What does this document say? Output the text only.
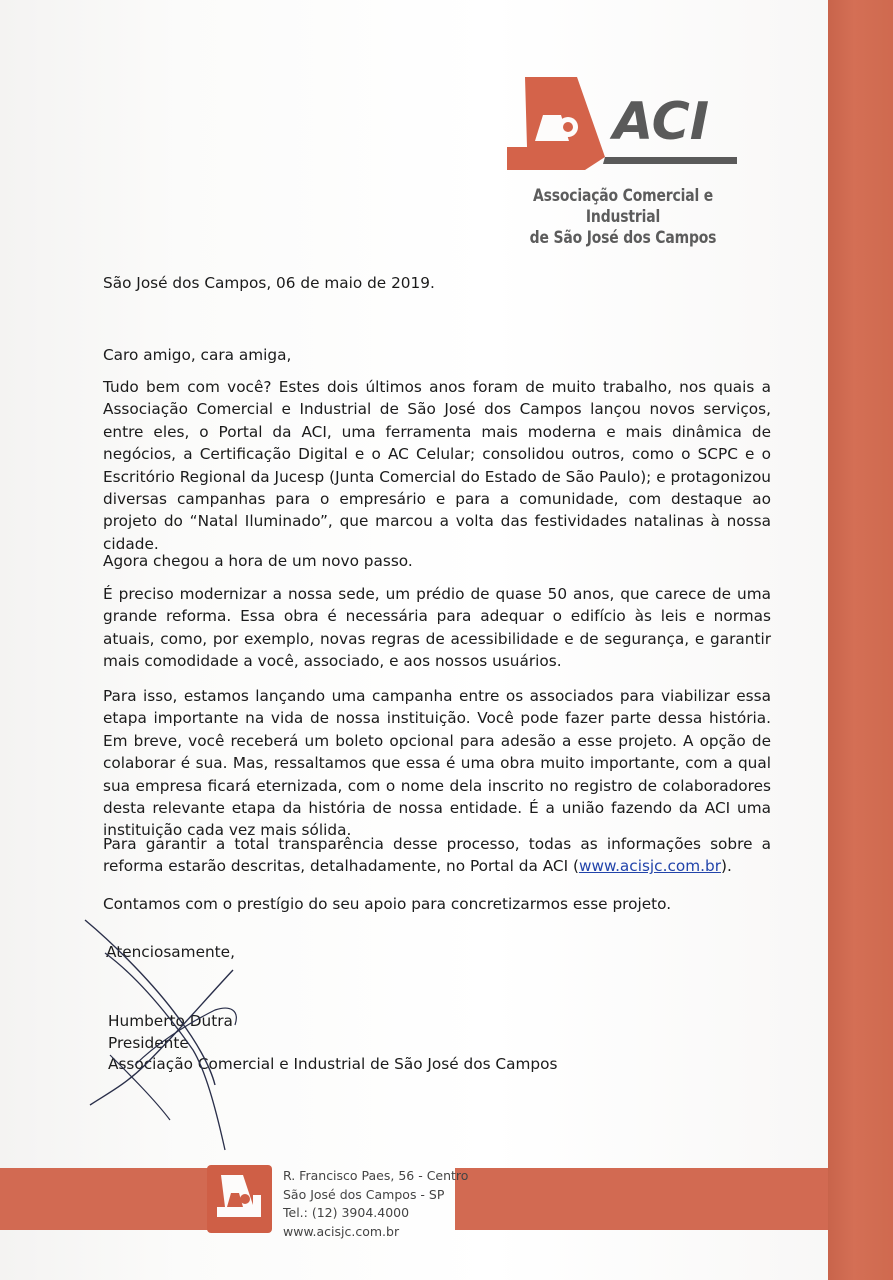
ACI
Associação Comercial e Industrial
de São José dos Campos
São José dos Campos, 06 de maio de 2019.
Caro amigo, cara amiga,

Tudo bem com você? Estes dois últimos anos foram de muito trabalho, nos quais a Associação Comercial e Industrial de São José dos Campos lançou novos serviços, entre eles, o Portal da ACI, uma ferramenta mais moderna e mais dinâmica de negócios, a Certificação Digital e o AC Celular; consolidou outros, como o SCPC e o Escritório Regional da Jucesp (Junta Comercial do Estado de São Paulo); e protagonizou diversas campanhas para o empresário e para a comunidade, com destaque ao projeto do “Natal Iluminado”, que marcou a volta das festividades natalinas à nossa cidade.

Agora chegou a hora de um novo passo.

É preciso modernizar a nossa sede, um prédio de quase 50 anos, que carece de uma grande reforma. Essa obra é necessária para adequar o edifício às leis e normas atuais, como, por exemplo, novas regras de acessibilidade e de segurança, e garantir mais comodidade a você, associado, e aos nossos usuários.

Para isso, estamos lançando uma campanha entre os associados para viabilizar essa etapa importante na vida de nossa instituição. Você pode fazer parte dessa história. Em breve, você receberá um boleto opcional para adesão a esse projeto. A opção de colaborar é sua. Mas, ressaltamos que essa é uma obra muito importante, com a qual sua empresa ficará eternizada, com o nome dela inscrito no registro de colaboradores desta relevante etapa da história de nossa entidade. É a união fazendo da ACI uma instituição cada vez mais sólida.

Para garantir a total transparência desse processo, todas as informações sobre a reforma estarão descritas, detalhadamente, no Portal da ACI (www.acisjc.com.br).

Contamos com o prestígio do seu apoio para concretizarmos esse projeto.

Atenciosamente,
Humberto Dutra
Presidente
Associação Comercial e Industrial de São José dos Campos
R. Francisco Paes, 56 - Centro
São José dos Campos - SP
Tel.: (12) 3904.4000
www.acisjc.com.br
